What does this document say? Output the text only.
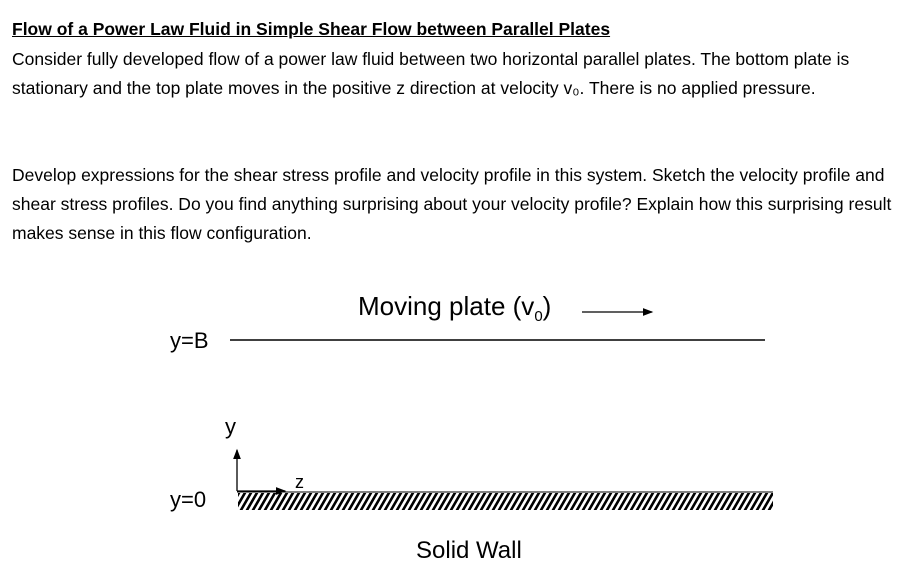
Flow of a Power Law Fluid in Simple Shear Flow between Parallel Plates
Consider fully developed flow of a power law fluid between two horizontal parallel plates. The bottom plate is stationary and the top plate moves in the positive z direction at velocity v₀. There is no applied pressure.
Develop expressions for the shear stress profile and velocity profile in this system. Sketch the velocity profile and shear stress profiles. Do you find anything surprising about your velocity profile? Explain how this surprising result makes sense in this flow configuration.
Moving plate $(v_0)$
y=B
y
z
y=0
Solid Wall
